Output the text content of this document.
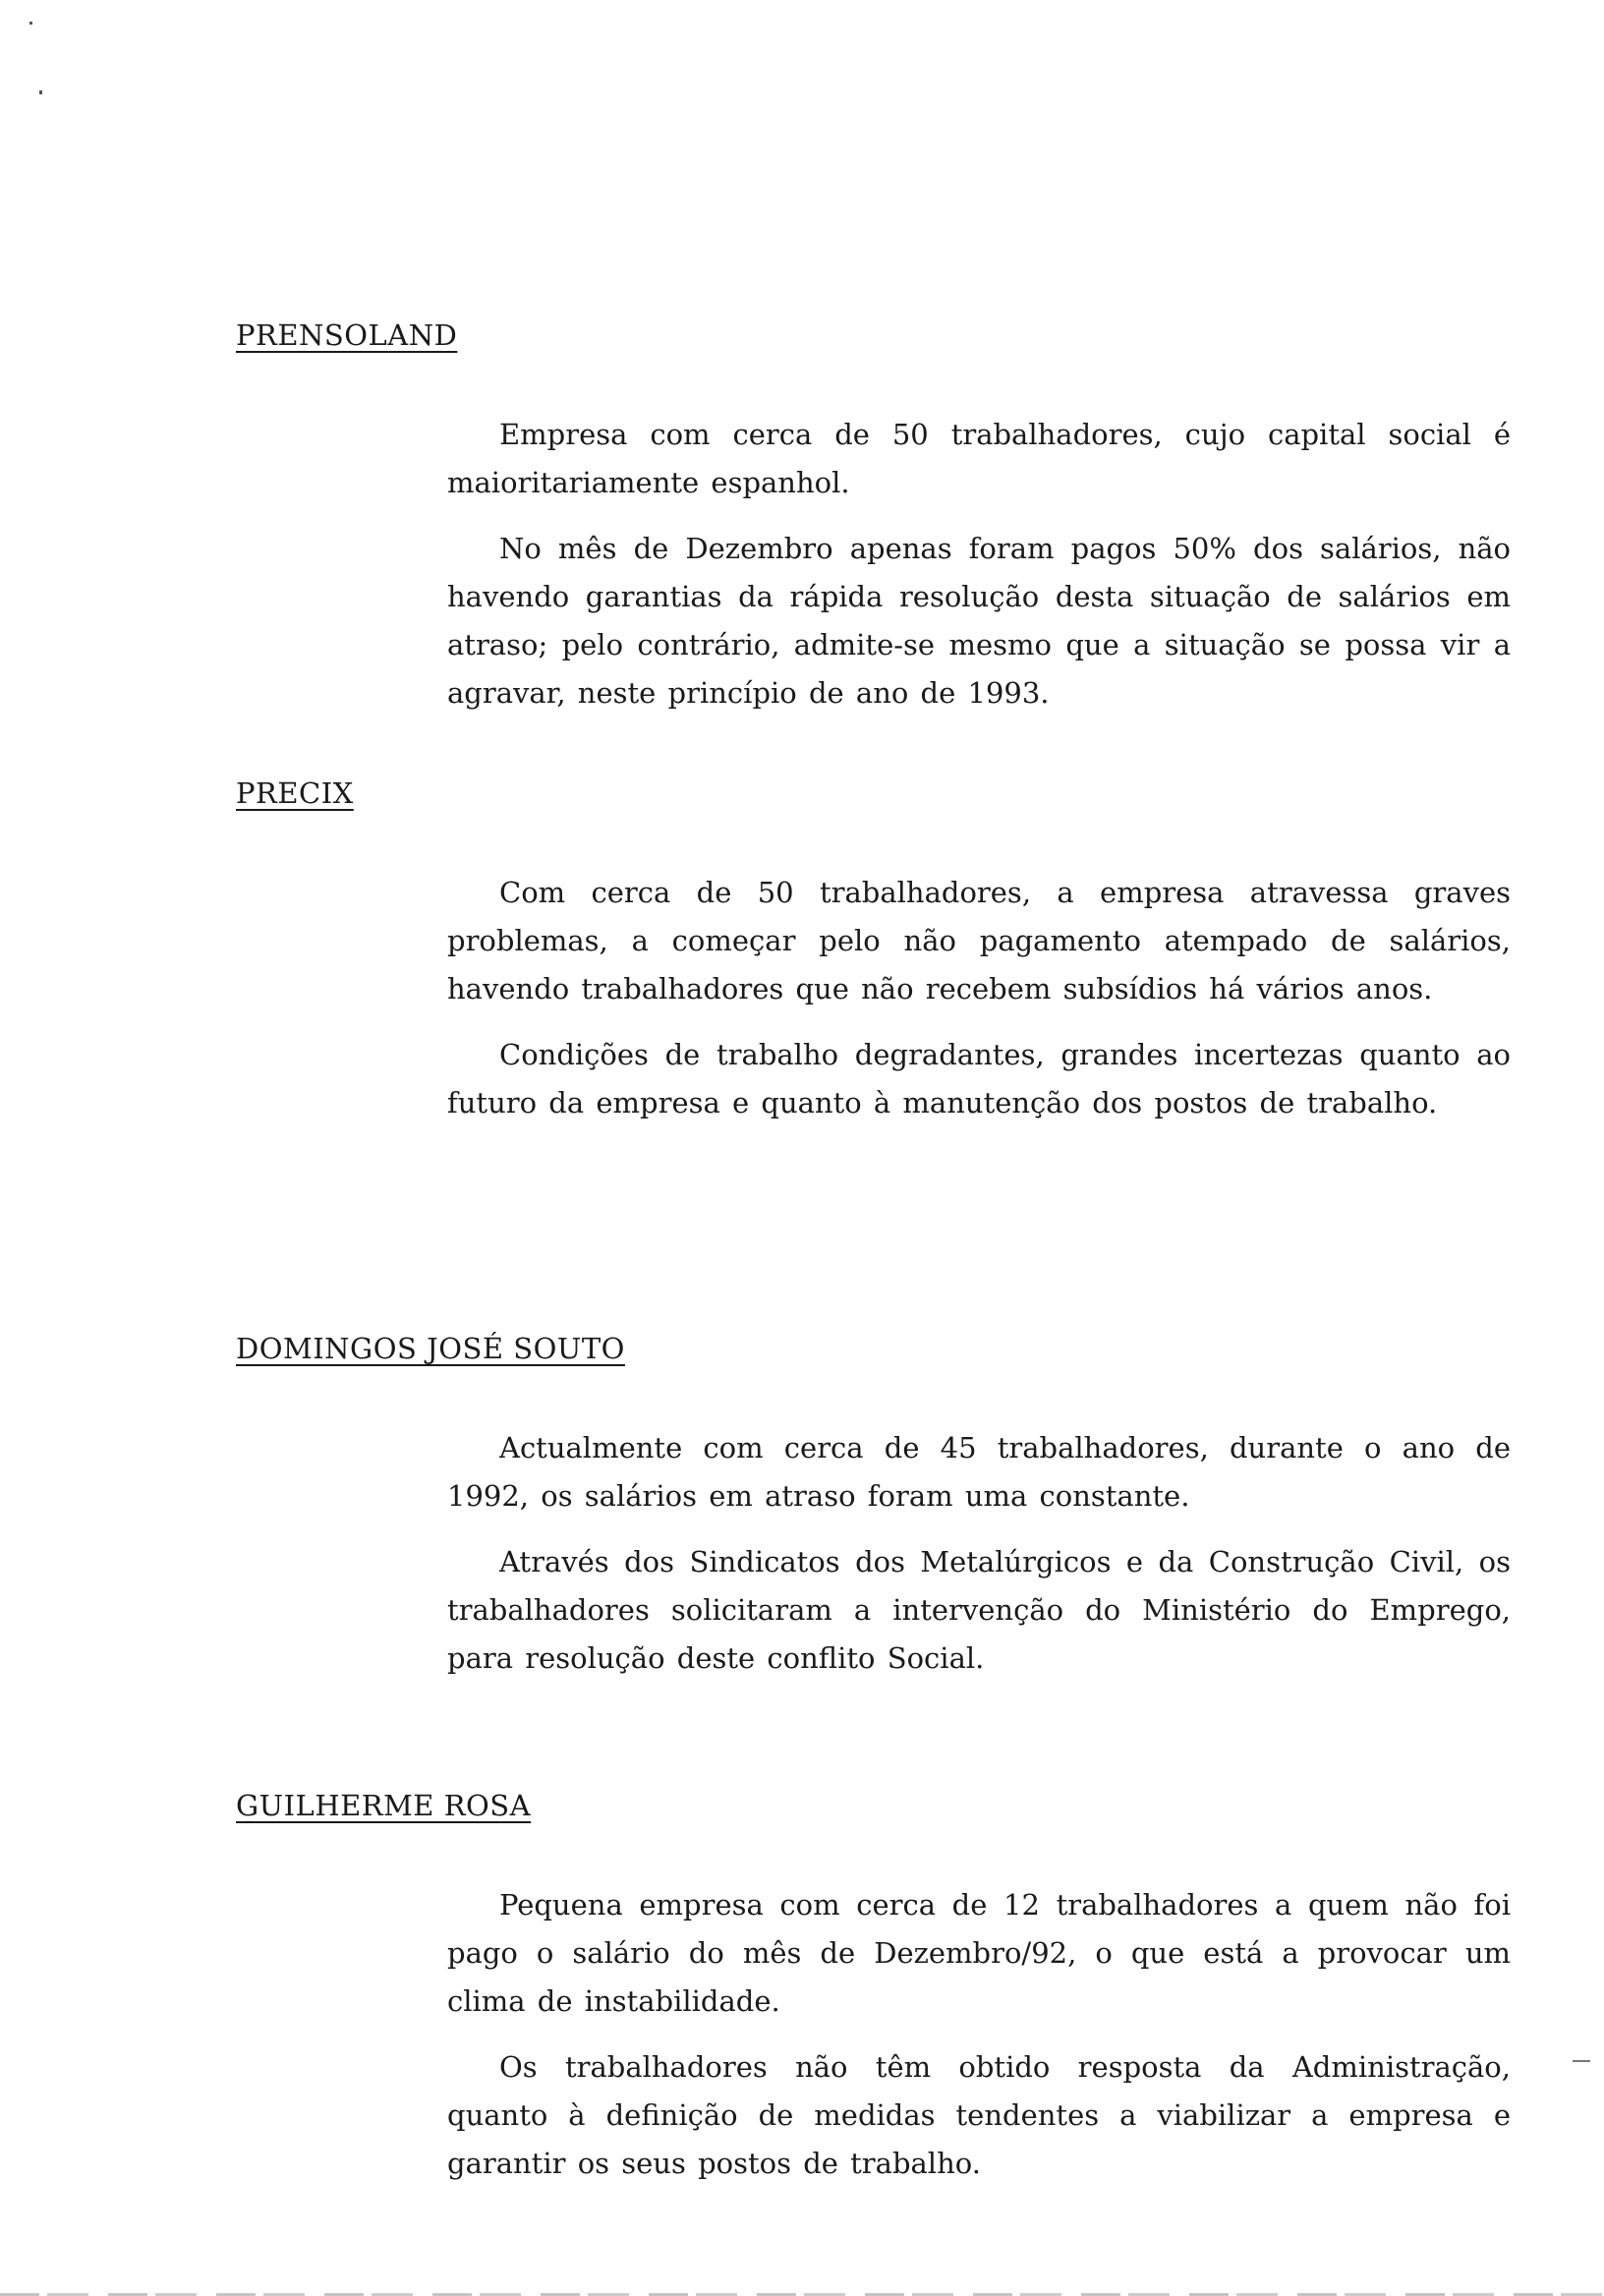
PRENSOLAND

Empresa com cerca de 50 trabalhadores, cujo capital social é maioritariamente espanhol.

No mês de Dezembro apenas foram pagos 50% dos salários, não havendo garantias da rápida resolução desta situação de salários em atraso; pelo contrário, admite-se mesmo que a situação se possa vir a agravar, neste princípio de ano de 1993.

PRECIX

Com cerca de 50 trabalhadores, a empresa atravessa graves problemas, a começar pelo não pagamento atempado de salários, havendo trabalhadores que não recebem subsídios há vários anos.

Condições de trabalho degradantes, grandes incertezas quanto ao futuro da empresa e quanto à manutenção dos postos de trabalho.

DOMINGOS JOSÉ SOUTO

Actualmente com cerca de 45 trabalhadores, durante o ano de 1992, os salários em atraso foram uma constante.

Através dos Sindicatos dos Metalúrgicos e da Construção Civil, os trabalhadores solicitaram a intervenção do Ministério do Emprego, para resolução deste conflito Social.

GUILHERME ROSA

Pequena empresa com cerca de 12 trabalhadores a quem não foi pago o salário do mês de Dezembro/92, o que está a provocar um clima de instabilidade.

Os trabalhadores não têm obtido resposta da Administração, quanto à definição de medidas tendentes a viabilizar a empresa e garantir os seus postos de trabalho.
